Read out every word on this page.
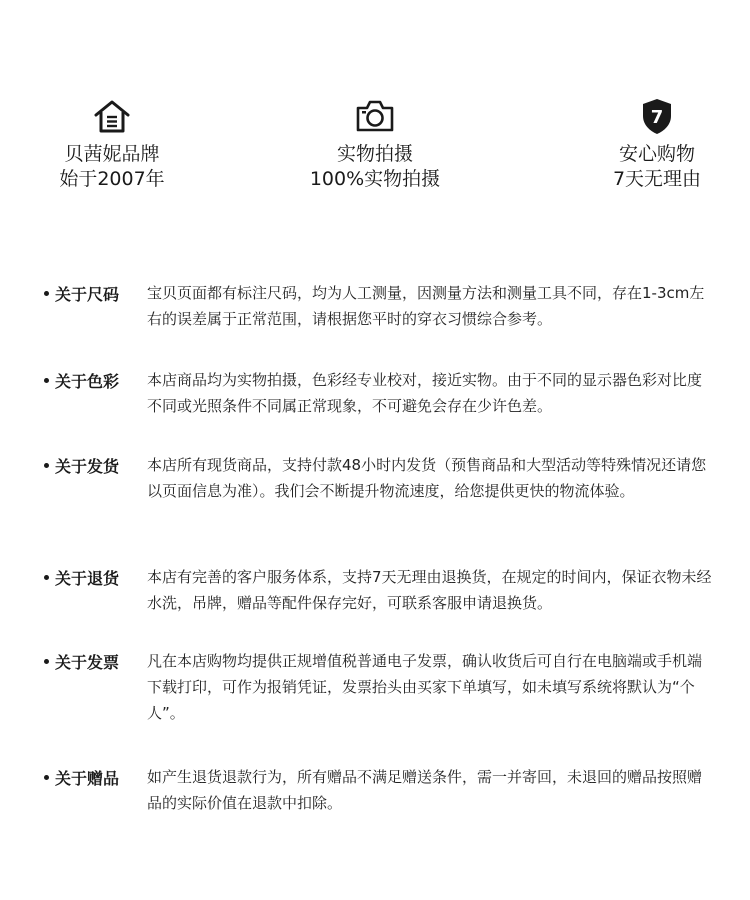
贝茜妮品牌
始于2007年
实物拍摄
100%实物拍摄
7
安心购物
7天无理由
关于尺码 宝贝页面都有标注尺码，均为人工测量，因测量方法和测量工具不同，存在1-3cm左右的误差属于正常范围，请根据您平时的穿衣习惯综合参考。
关于色彩 本店商品均为实物拍摄，色彩经专业校对，接近实物。由于不同的显示器色彩对比度不同或光照条件不同属正常现象，不可避免会存在少许色差。
关于发货 本店所有现货商品，支持付款48小时内发货（预售商品和大型活动等特殊情况还请您以页面信息为准）。我们会不断提升物流速度，给您提供更快的物流体验。
关于退货 本店有完善的客户服务体系，支持7天无理由退换货，在规定的时间内，保证衣物未经水洗，吊牌，赠品等配件保存完好，可联系客服申请退换货。
关于发票 凡在本店购物均提供正规增值税普通电子发票，确认收货后可自行在电脑端或手机端下载打印，可作为报销凭证，发票抬头由买家下单填写，如未填写系统将默认为“个人”。
关于赠品 如产生退货退款行为，所有赠品不满足赠送条件，需一并寄回，未退回的赠品按照赠品的实际价值在退款中扣除。
